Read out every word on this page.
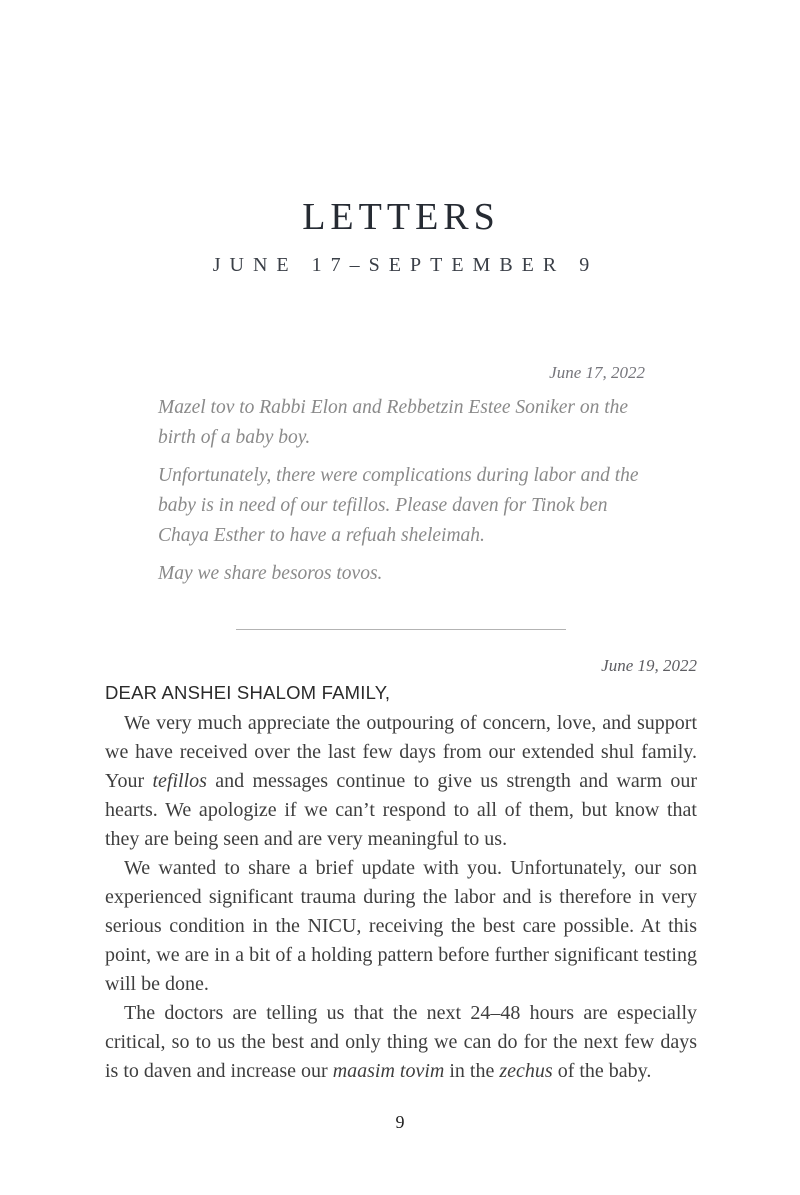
LETTERS
JUNE 17–SEPTEMBER 9
June 17, 2022

Mazel tov to Rabbi Elon and Rebbetzin Estee Soniker on the birth of a baby boy.

Unfortunately, there were complications during labor and the baby is in need of our tefillos. Please daven for Tinok ben Chaya Esther to have a refuah sheleimah.

May we share besoros tovos.

June 19, 2022
DEAR ANSHEI SHALOM FAMILY,

We very much appreciate the outpouring of concern, love, and support we have received over the last few days from our extended shul family. Your tefillos and messages continue to give us strength and warm our hearts. We apologize if we can’t respond to all of them, but know that they are being seen and are very meaningful to us.

We wanted to share a brief update with you. Unfortunately, our son experienced significant trauma during the labor and is therefore in very serious condition in the NICU, receiving the best care possible. At this point, we are in a bit of a holding pattern before further significant testing will be done.

The doctors are telling us that the next 24–48 hours are especially critical, so to us the best and only thing we can do for the next few days is to daven and increase our maasim tovim in the zechus of the baby.

9
